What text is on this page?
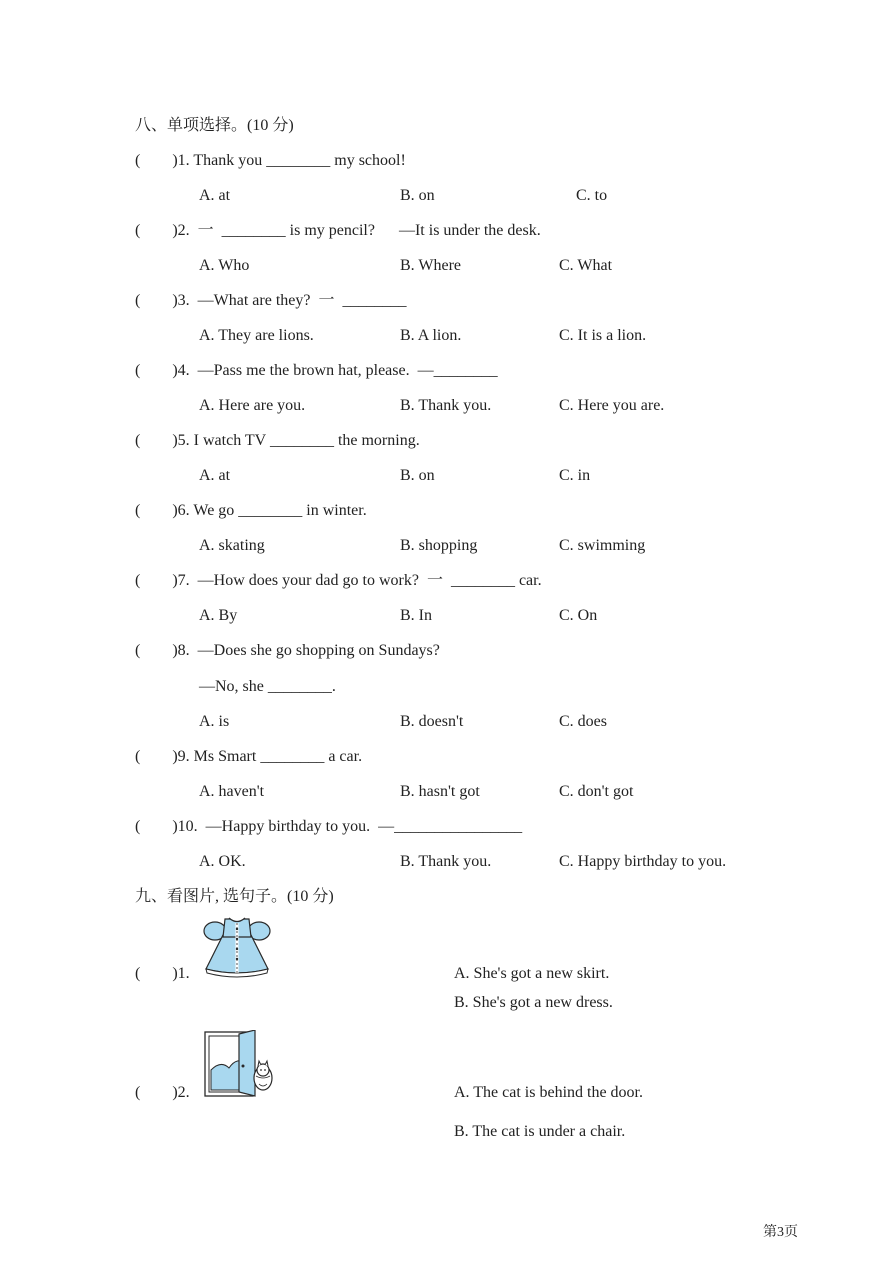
八、单项选择。(10 分)
(        )1. Thank you ________ my school!
A. at	B. on	C. to
(        )2.  一  ________ is my pencil?      —It is under the desk.
A. Who	B. Where	C. What
(        )3.  —What are they?  一  ________
A. They are lions.	B. A lion.	C. It is a lion.
(        )4.  —Pass me the brown hat, please.  —________
A. Here are you.	B. Thank you.	C. Here you are.
(        )5. I watch TV ________ the morning.
A. at	B. on	C. in
(        )6. We go ________ in winter.
A. skating	B. shopping	C. swimming
(        )7.  —How does your dad go to work?  一  ________ car.
A. By	B. In	C. On
(        )8.  —Does she go shopping on Sundays?
—No, she ________.
A. is	B. doesn't	C. does
(        )9. Ms Smart ________ a car.
A. haven't	B. hasn't got	C. don't got
(        )10.  —Happy birthday to you.  —________________
A. OK.	B. Thank you.	C. Happy birthday to you.
九、看图片, 选句子。(10 分)
(        )1.	A. She's got a new skirt.
B. She's got a new dress.
(        )2.	A. The cat is behind the door.
B. The cat is under a chair.
第3页
